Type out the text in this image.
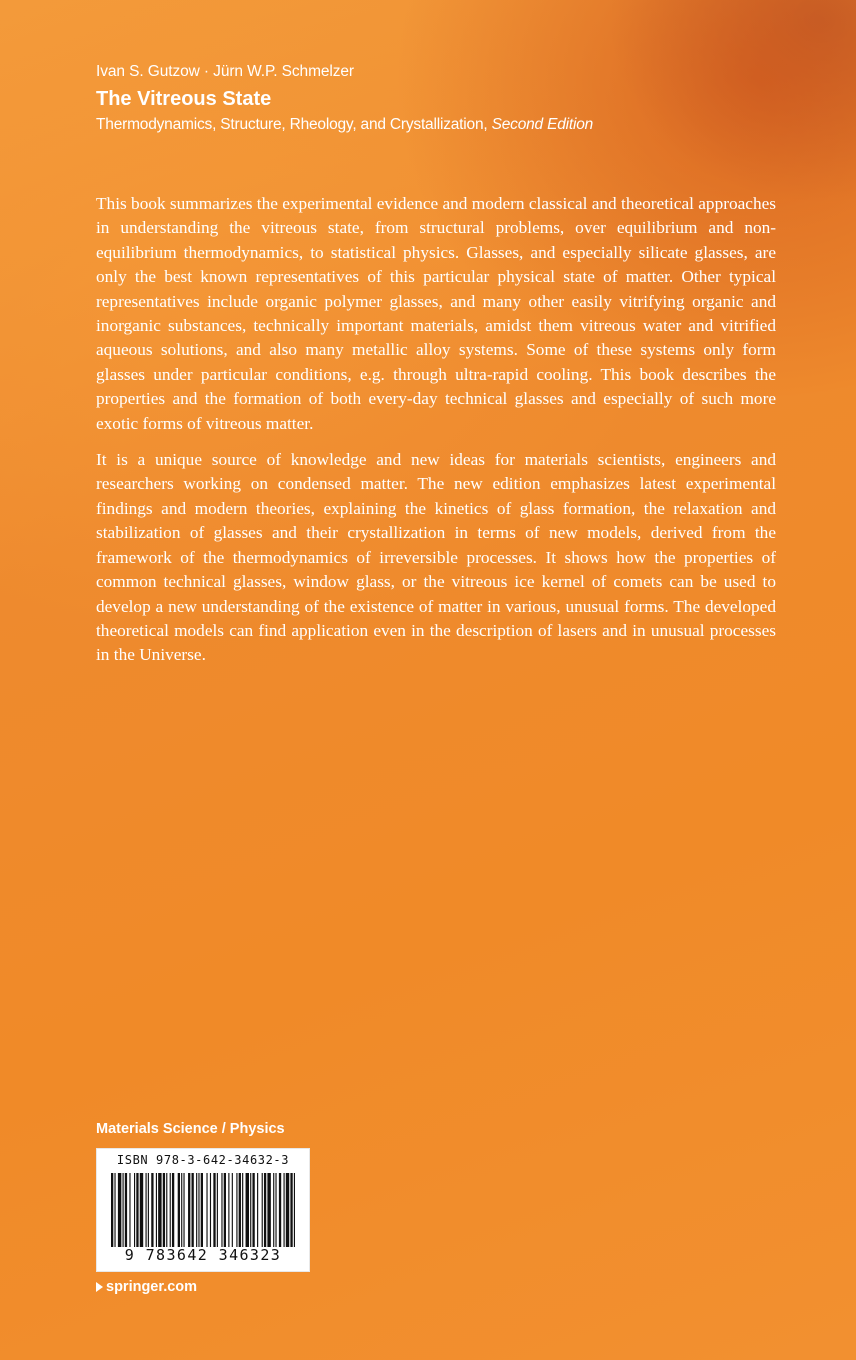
Ivan S. Gutzow · Jürn W.P. Schmelzer
The Vitreous State
Thermodynamics, Structure, Rheology, and Crystallization, Second Edition

This book summarizes the experimental evidence and modern classical and theoretical approaches in understanding the vitreous state, from structural problems, over equilibrium and non-equilibrium thermodynamics, to statistical physics. Glasses, and especially silicate glasses, are only the best known representatives of this particular physical state of matter. Other typical representatives include organic polymer glasses, and many other easily vitrifying organic and inorganic substances, technically important materials, amidst them vitreous water and vitrified aqueous solutions, and also many metallic alloy systems. Some of these systems only form glasses under particular conditions, e.g. through ultra-rapid cooling. This book describes the properties and the formation of both every-day technical glasses and especially of such more exotic forms of vitreous matter.

It is a unique source of knowledge and new ideas for materials scientists, engineers and researchers working on condensed matter. The new edition emphasizes latest experimental findings and modern theories, explaining the kinetics of glass formation, the relaxation and stabilization of glasses and their crystallization in terms of new models, derived from the framework of the thermodynamics of irreversible processes. It shows how the properties of common technical glasses, window glass, or the vitreous ice kernel of comets can be used to develop a new understanding of the existence of matter in various, unusual forms. The developed theoretical models can find application even in the description of lasers and in unusual processes in the Universe.

Materials Science / Physics
ISBN 978-3-642-34632-3
9 783642 346323
springer.com
